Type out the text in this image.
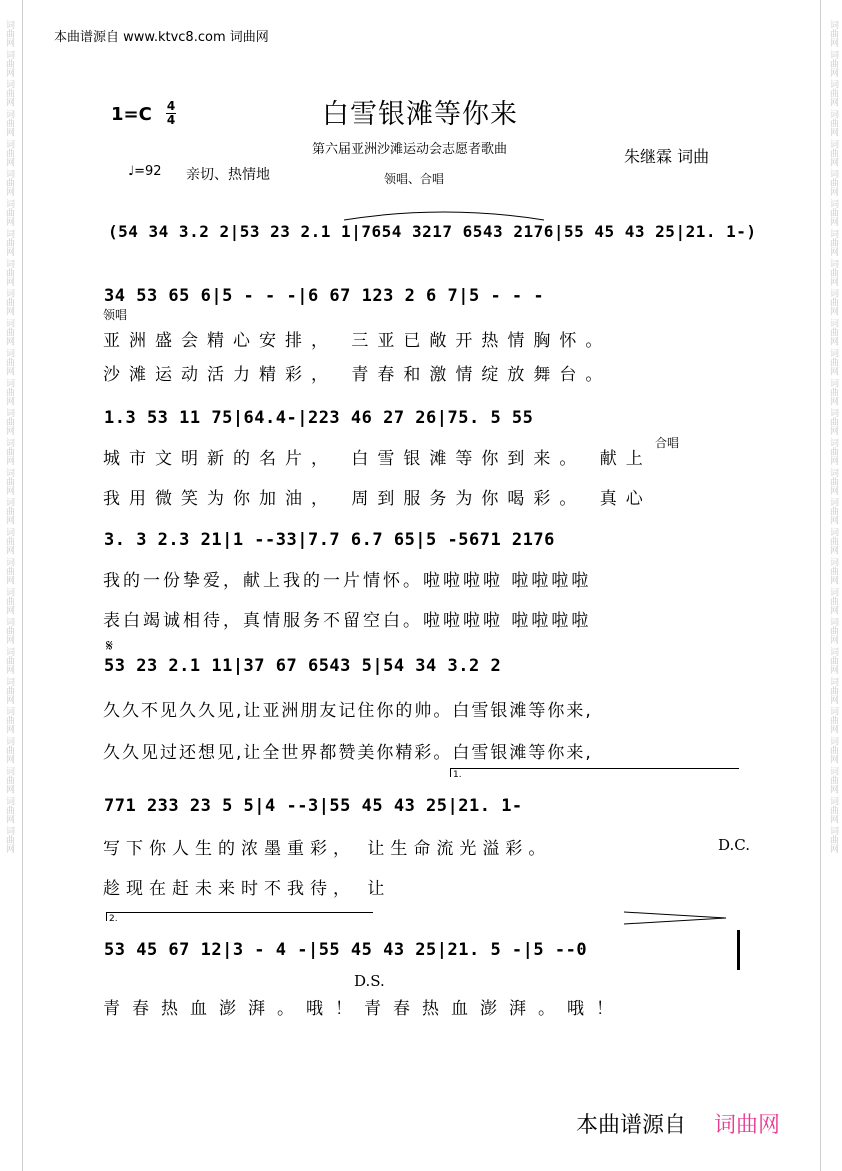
词曲网 词曲网 词曲网 词曲网 词曲网 词曲网 词曲网 词曲网 词曲网 词曲网 词曲网 词曲网 词曲网 词曲网 词曲网 词曲网 词曲网 词曲网 词曲网 词曲网 词曲网 词曲网 词曲网 词曲网 词曲网 词曲网 词曲网 词曲网	词曲网 词曲网 词曲网 词曲网 词曲网 词曲网 词曲网 词曲网 词曲网 词曲网 词曲网 词曲网 词曲网 词曲网 词曲网 词曲网 词曲网 词曲网 词曲网 词曲网 词曲网 词曲网 词曲网 词曲网 词曲网 词曲网 词曲网 词曲网
本曲谱源自 www.ktvc8.com 词曲网
1=C 4
4	白雪银滩等你来
第六届亚洲沙滩运动会志愿者歌曲	朱继霖 词曲
♩=92 亲切、热情地	领唱、合唱
(54 34 3.2 2|53 23 2.1 1|7654 3217 6543 2176|55 45 43 25|21. 1-)
34 53 65 6|5 - - -|6 67 123 2 6 7|5 - - -
领唱
亚洲盛会精心安排， 三亚已敞开热情胸怀。
沙滩运动活力精彩， 青春和激情绽放舞台。
1.3 53 11 75|64.4-|223 46 27 26|75. 5 55
合唱
城市文明新的名片， 白雪银滩等你到来。 献上
我用微笑为你加油， 周到服务为你喝彩。 真心
3. 3 2.3 21|1 --33|7.7 6.7 65|5 -5671 2176
我的一份挚爱，献上我的一片情怀。啦啦啦啦 啦啦啦啦
表白竭诚相待，真情服务不留空白。啦啦啦啦 啦啦啦啦
𝄋
53 23 2.1 11|37 67 6543 5|54 34 3.2 2
久久不见久久见,让亚洲朋友记住你的帅。白雪银滩等你来,
久久见过还想见,让全世界都赞美你精彩。白雪银滩等你来,
1.
771 233 23 5 5|4 --3|55 45 43 25|21. 1-
写下你人生的浓墨重彩， 让生命流光溢彩。	D.C.
趁现在赶未来时不我待， 让
2.
53 45 67 12|3 - 4 -|55 45 43 25|21. 5 -|5 --0
D.S.
青春热血澎湃。哦！青春热血澎湃。哦！
本曲谱源自 词曲网
